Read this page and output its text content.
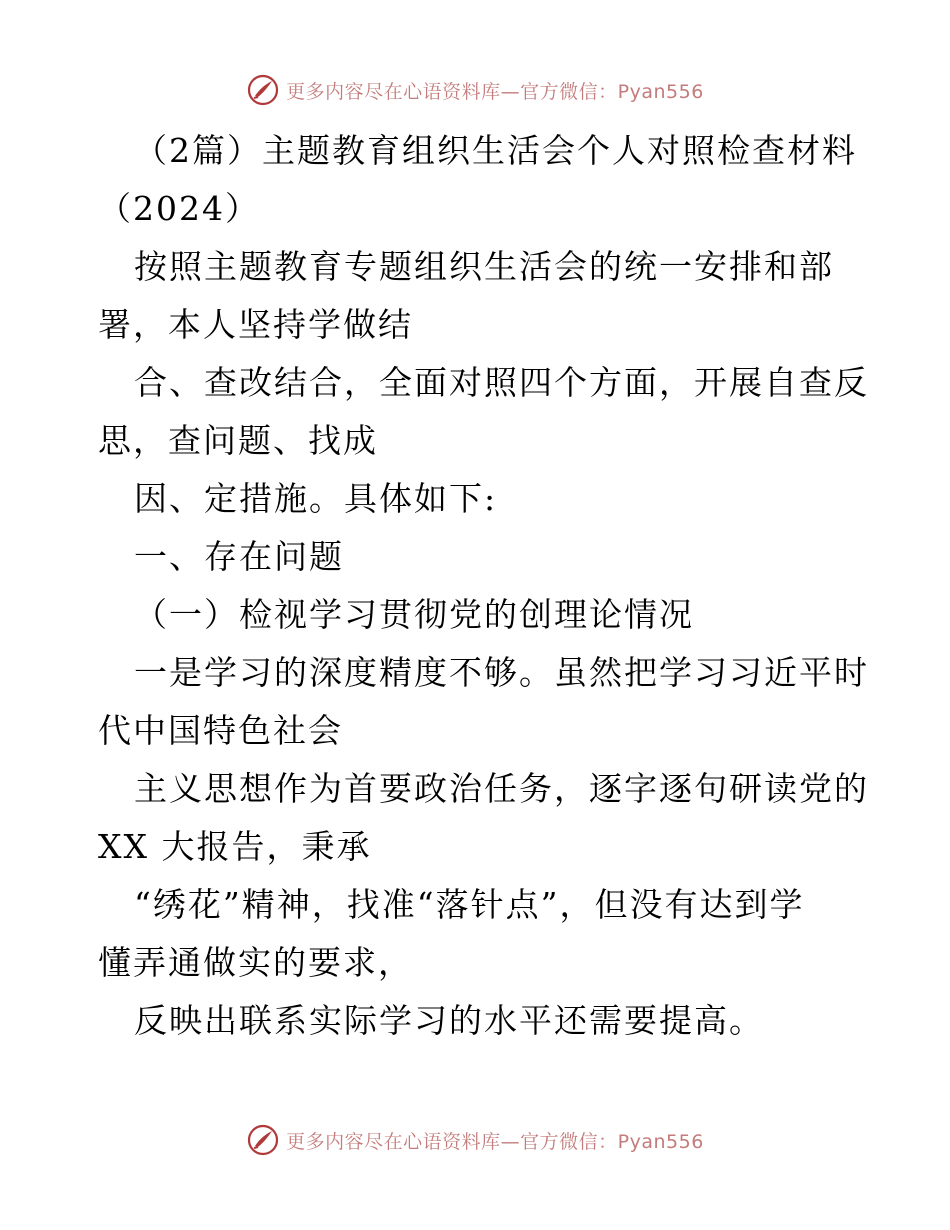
更多内容尽在心语资料库—官方微信：Pyan556
（2篇）主题教育组织生活会个人对照检查材料
（2024）
按照主题教育专题组织生活会的统一安排和部
署，本人坚持学做结
合、查改结合，全面对照四个方面，开展自查反
思，查问题、找成
因、定措施。具体如下:
一、存在问题
（一）检视学习贯彻党的创理论情况
一是学习的深度精度不够。虽然把学习习近平时
代中国特色社会
主义思想作为首要政治任务，逐字逐句研读党的
XX 大报告，秉承
“绣花”精神，找准“落针点”，但没有达到学
懂弄通做实的要求，
反映出联系实际学习的水平还需要提高。
更多内容尽在心语资料库—官方微信：Pyan556
